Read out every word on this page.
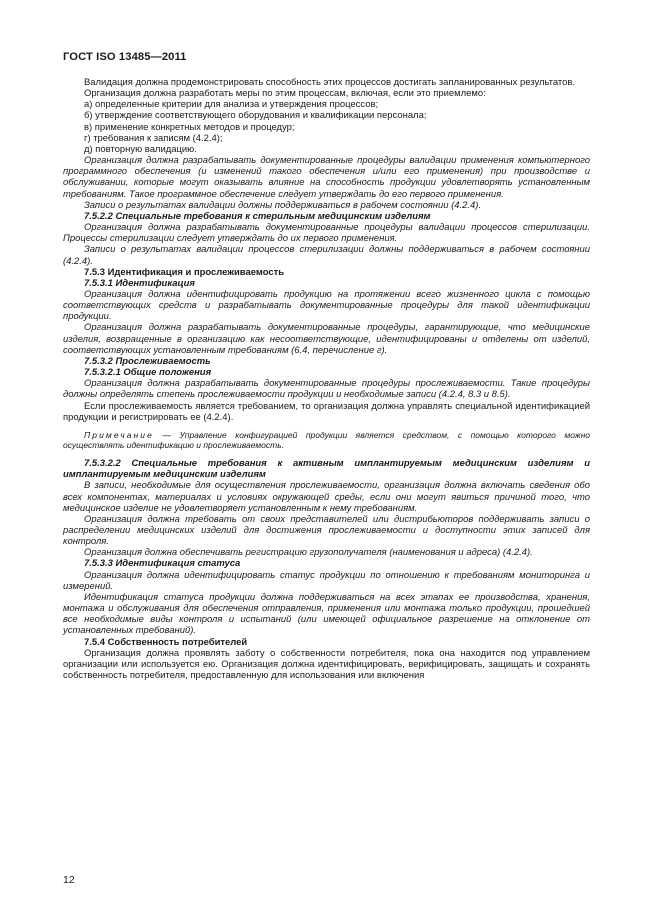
ГОСТ ISO 13485—2011

Валидация должна продемонстрировать способность этих процессов достигать запланированных результатов.

Организация должна разработать меры по этим процессам, включая, если это приемлемо:

а) определенные критерии для анализа и утверждения процессов;

б) утверждение соответствующего оборудования и квалификации персонала;

в) применение конкретных методов и процедур;

г) требования к записям (4.2.4);

д) повторную валидацию.

Организация должна разрабатывать документированные процедуры валидации применения компьютерного программного обеспечения (и изменений такого обеспечения и/или его применения) при производстве и обслуживании, которые могут оказывать влияние на способность продукции удовлетворять установленным требованиям. Такое программное обеспечение следует утверждать до его первого применения.

Записи о результатах валидации должны поддерживаться в рабочем состоянии (4.2.4).

7.5.2.2 Специальные требования к стерильным медицинским изделиям

Организация должна разрабатывать документированные процедуры валидации процессов стерилизации. Процессы стерилизации следует утверждать до их первого применения.

Записи о результатах валидации процессов стерилизации должны поддерживаться в рабочем состоянии (4.2.4).

7.5.3 Идентификация и прослеживаемость

7.5.3.1 Идентификация

Организация должна идентифицировать продукцию на протяжении всего жизненного цикла с помощью соответствующих средств и разрабатывать документированные процедуры для такой идентификации продукции.

Организация должна разрабатывать документированные процедуры, гарантирующие, что медицинские изделия, возвращенные в организацию как несоответствующие, идентифицированы и отделены от изделий, соответствующих установленным требованиям (6.4, перечисление г).

7.5.3.2 Прослеживаемость

7.5.3.2.1 Общие положения

Организация должна разрабатывать документированные процедуры прослеживаемости. Такие процедуры должны определять степень прослеживаемости продукции и необходимые записи (4.2.4, 8.3 и 8.5).

Если прослеживаемость является требованием, то организация должна управлять специальной идентификацией продукции и регистрировать ее (4.2.4).

Примечание — Управление конфигурацией продукции является средством, с помощью которого можно осуществлять идентификацию и прослеживаемость.

7.5.3.2.2 Специальные требования к активным имплантируемым медицинским изделиям и имплантируемым медицинским изделиям

В записи, необходимые для осуществления прослеживаемости, организация должна включать сведения обо всех компонентах, материалах и условиях окружающей среды, если они могут явиться причиной того, что медицинское изделие не удовлетворяет установленным к нему требованиям.

Организация должна требовать от своих представителей или дистрибьюторов поддерживать записи о распределении медицинских изделий для достижения прослеживаемости и доступности этих записей для контроля.

Организация должна обеспечивать регистрацию грузополучателя (наименования и адреса) (4.2.4).

7.5.3.3 Идентификация статуса

Организация должна идентифицировать статус продукции по отношению к требованиям мониторинга и измерений.

Идентификация статуса продукции должна поддерживаться на всех этапах ее производства, хранения, монтажа и обслуживания для обеспечения отправления, применения или монтажа только продукции, прошедшей все необходимые виды контроля и испытаний (или имеющей официальное разрешение на отклонение от установленных требований).

7.5.4 Собственность потребителей

Организация должна проявлять заботу о собственности потребителя, пока она находится под управлением организации или используется ею. Организация должна идентифицировать, верифицировать, защищать и сохранять собственность потребителя, предоставленную для использования или включения

12
